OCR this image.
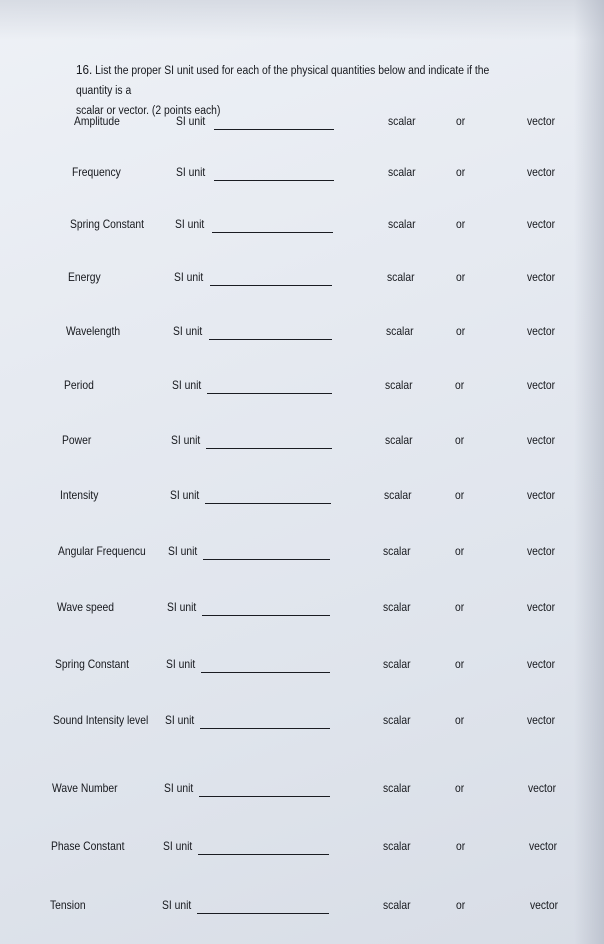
16. List the proper SI unit used for each of the physical quantities below and indicate if the quantity is a
scalar or vector. (2 points each)
Amplitude	SI unit	scalar	or	vector
Frequency	SI unit	scalar	or	vector
Spring Constant	SI unit	scalar	or	vector
Energy	SI unit	scalar	or	vector
Wavelength	SI unit	scalar	or	vector
Period	SI unit	scalar	or	vector
Power	SI unit	scalar	or	vector
Intensity	SI unit	scalar	or	vector
Angular Frequencu SI unit	scalar	or	vector
Wave speed	SI unit	scalar	or	vector
Spring Constant	SI unit	scalar	or	vector
Sound Intensity level SI unit	scalar	or	vector
Wave Number	SI unit	scalar	or	vector
Phase Constant	SI unit	scalar	or	vector
Tension	SI unit	scalar	or	vector
